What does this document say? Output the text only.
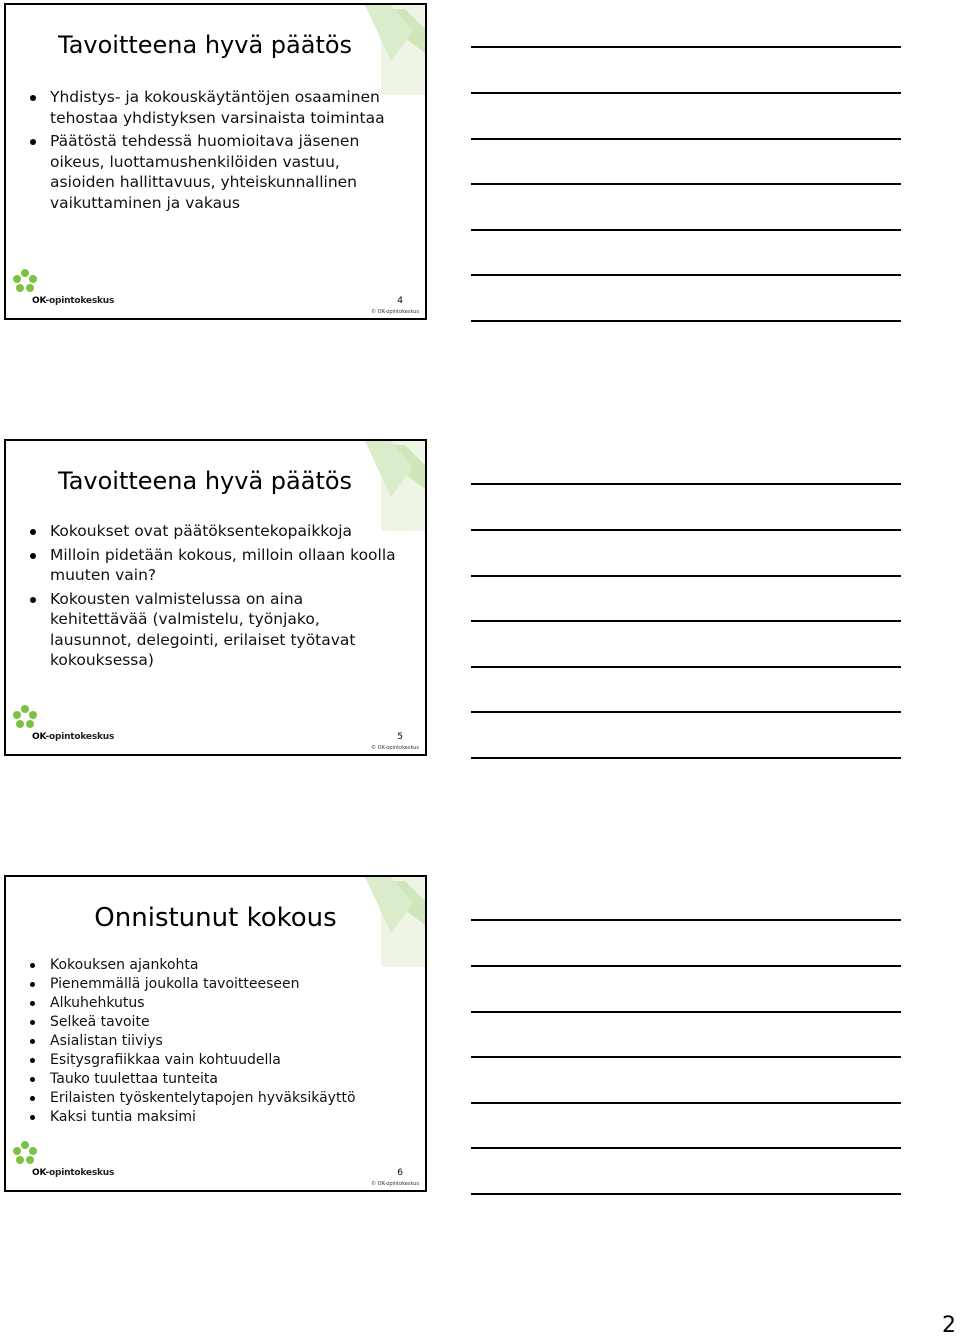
Tavoitteena hyvä päätös
Yhdistys- ja kokouskäytäntöjen osaaminen tehostaa yhdistyksen varsinaista toimintaa
Päätöstä tehdessä huomioitava jäsenen oikeus, luottamushenkilöiden vastuu, asioiden hallittavuus, yhteiskunnallinen vaikuttaminen ja vakaus
OK-opintokeskus	4
© OK-opintokeskus
Tavoitteena hyvä päätös
Kokoukset ovat päätöksentekopaikkoja
Milloin pidetään kokous, milloin ollaan koolla muuten vain?
Kokousten valmistelussa on aina kehitettävää (valmistelu, työnjako, lausunnot, delegointi, erilaiset työtavat kokouksessa)
OK-opintokeskus	5
© OK-opintokeskus
Onnistunut kokous
Kokouksen ajankohta
Pienemmällä joukolla tavoitteeseen
Alkuhehkutus
Selkeä tavoite
Asialistan tiiviys
Esitysgrafiikkaa vain kohtuudella
Tauko tuulettaa tunteita
Erilaisten työskentelytapojen hyväksikäyttö
Kaksi tuntia maksimi
OK-opintokeskus	6
© OK-opintokeskus
2
